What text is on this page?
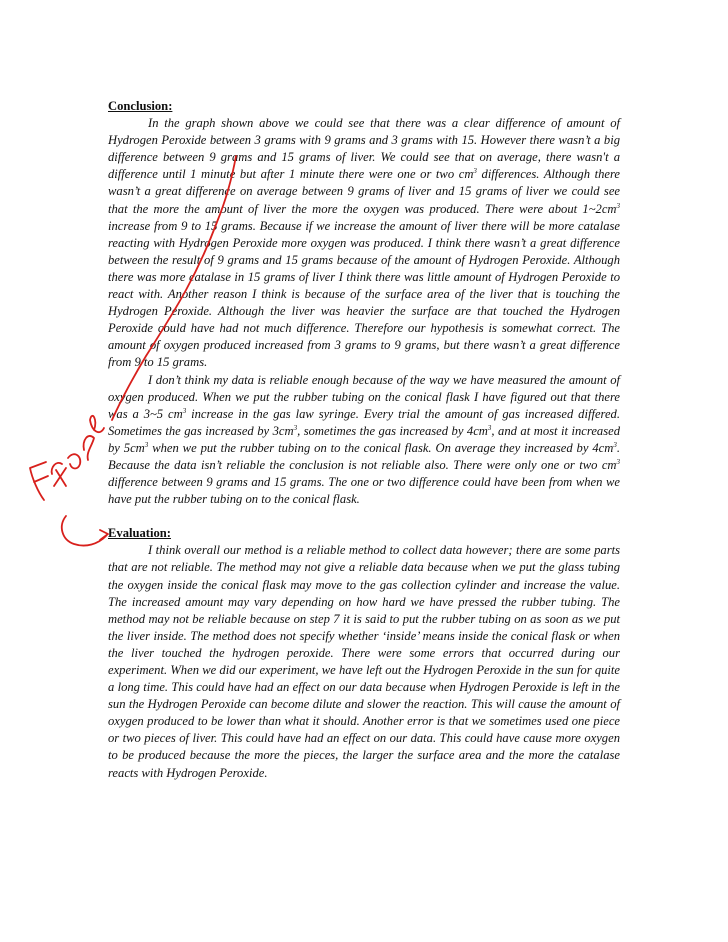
Conclusion:

In the graph shown above we could see that there was a clear difference of amount of Hydrogen Peroxide between 3 grams with 9 grams and 3 grams with 15. However there wasn’t a big difference between 9 grams and 15 grams of liver. We could see that on average, there wasn't a difference until 1 minute but after 1 minute there were one or two $cm^3$ differences. Although there wasn’t a great difference on average between 9 grams of liver and 15 grams of liver we could see that the more the amount of liver the more the oxygen was produced. There were about $1\sim 2cm^3$ increase from 9 to 15 grams. Because if we increase the amount of liver there will be more catalase reacting with Hydrogen Peroxide more oxygen was produced. I think there wasn’t a great difference between the result of 9 grams and 15 grams because of the amount of Hydrogen Peroxide. Although there was more catalase in 15 grams of liver I think there was little amount of Hydrogen Peroxide to react with. Another reason I think is because of the surface area of the liver that is touching the Hydrogen Peroxide. Although the liver was heavier the surface are that touched the Hydrogen Peroxide could have had not much difference. Therefore our hypothesis is somewhat correct. The amount of oxygen produced increased from 3 grams to 9 grams, but there wasn’t a great difference from 9 to 15 grams.

I don’t think my data is reliable enough because of the way we have measured the amount of oxygen produced. When we put the rubber tubing on the conical flask I have figured out that there was a 3~5 $cm^3$ increase in the gas law syringe. Every trial the amount of gas increased differed. Sometimes the gas increased by $3cm^3$, sometimes the gas increased by $4cm^3$, and at most it increased by $5cm^3$ when we put the rubber tubing on to the conical flask. On average they increased by $4cm^3$. Because the data isn’t reliable the conclusion is not reliable also. There were only one or two $cm^3$ difference between 9 grams and 15 grams. The one or two difference could have been from when we have put the rubber tubing on to the conical flask.

Evaluation:

I think overall our method is a reliable method to collect data however; there are some parts that are not reliable. The method may not give a reliable data because when we put the glass tubing the oxygen inside the conical flask may move to the gas collection cylinder and increase the value. The increased amount may vary depending on how hard we have pressed the rubber tubing. The method may not be reliable because on step 7 it is said to put the rubber tubing on as soon as we put the liver inside. The method does not specify whether ‘inside’ means inside the conical flask or when the liver touched the hydrogen peroxide. There were some errors that occurred during our experiment. When we did our experiment, we have left out the Hydrogen Peroxide in the sun for quite a long time. This could have had an effect on our data because when Hydrogen Peroxide is left in the sun the Hydrogen Peroxide can become dilute and slower the reaction. This will cause the amount of oxygen produced to be lower than what it should. Another error is that we sometimes used one piece or two pieces of liver. This could have had an effect on our data. This could have cause more oxygen to be produced because the more the pieces, the larger the surface area and the more the catalase reacts with Hydrogen Peroxide.
